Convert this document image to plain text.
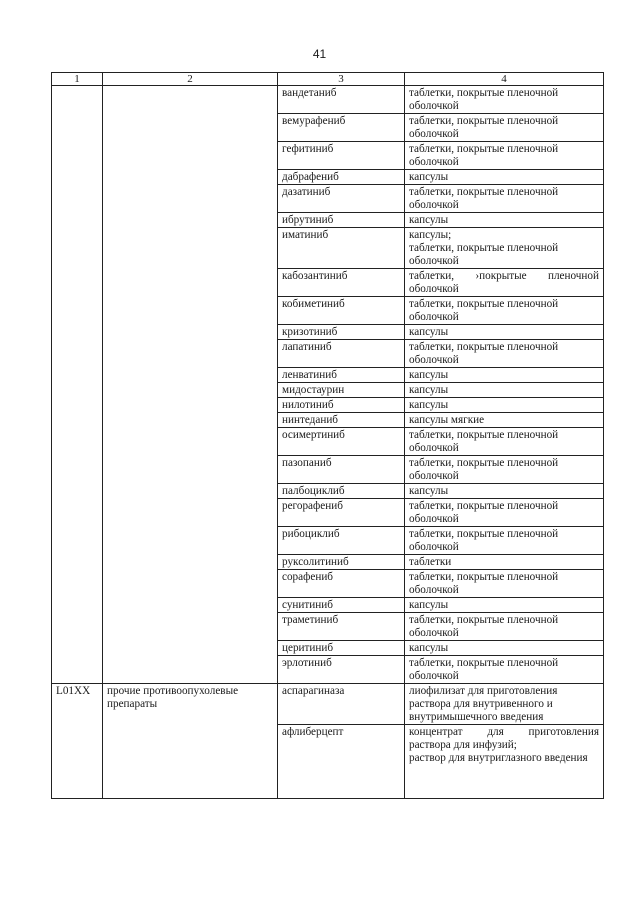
41
1	2	3	4
		вандетаниб	таблетки, покрытые пленочной оболочкой
		вемурафениб	таблетки, покрытые пленочной оболочкой
		гефитиниб	таблетки, покрытые пленочной оболочкой
		дабрафениб	капсулы
		дазатиниб	таблетки, покрытые пленочной оболочкой
		ибрутиниб	капсулы
		иматиниб	капсулы;
таблетки, покрытые пленочной оболочкой
		кабозантиниб	таблетки, ›покрытые пленочной оболочкой
		кобиметиниб	таблетки, покрытые пленочной оболочкой
		кризотиниб	капсулы
		лапатиниб	таблетки, покрытые пленочной оболочкой
		ленватиниб	капсулы
		мидостаурин	капсулы
		нилотиниб	капсулы
		нинтеданиб	капсулы мягкие
		осимертиниб	таблетки, покрытые пленочной оболочкой
		пазопаниб	таблетки, покрытые пленочной оболочкой
		палбоциклиб	капсулы
		регорафениб	таблетки, покрытые пленочной оболочкой
		рибоциклиб	таблетки, покрытые пленочной оболочкой
		руксолитиниб	таблетки
		сорафениб	таблетки, покрытые пленочной оболочкой
		сунитиниб	капсулы
		траметиниб	таблетки, покрытые пленочной оболочкой
		церитиниб	капсулы
		эрлотиниб	таблетки, покрытые пленочной оболочкой
L01XX	прочие противоопухолевые препараты	аспарагиназа	лиофилизат для приготовления раствора для внутривенного и внутримышечного введения
		афлиберцепт	концентрат для приготовления раствора для инфузий;
раствор для внутриглазного введения
